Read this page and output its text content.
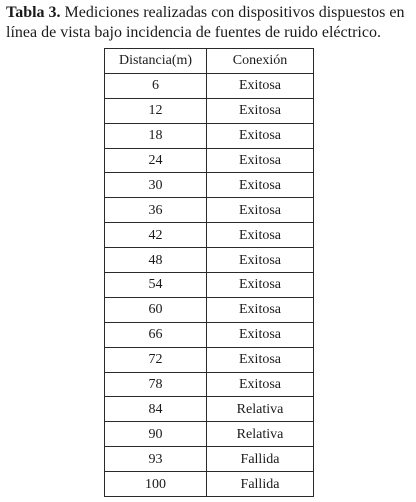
Tabla 3. Mediciones realizadas con dispositivos dispuestos en línea de vista bajo incidencia de fuentes de ruido eléctrico.

Distancia(m)	Conexión
6	Exitosa
12	Exitosa
18	Exitosa
24	Exitosa
30	Exitosa
36	Exitosa
42	Exitosa
48	Exitosa
54	Exitosa
60	Exitosa
66	Exitosa
72	Exitosa
78	Exitosa
84	Relativa
90	Relativa
93	Fallida
100	Fallida
